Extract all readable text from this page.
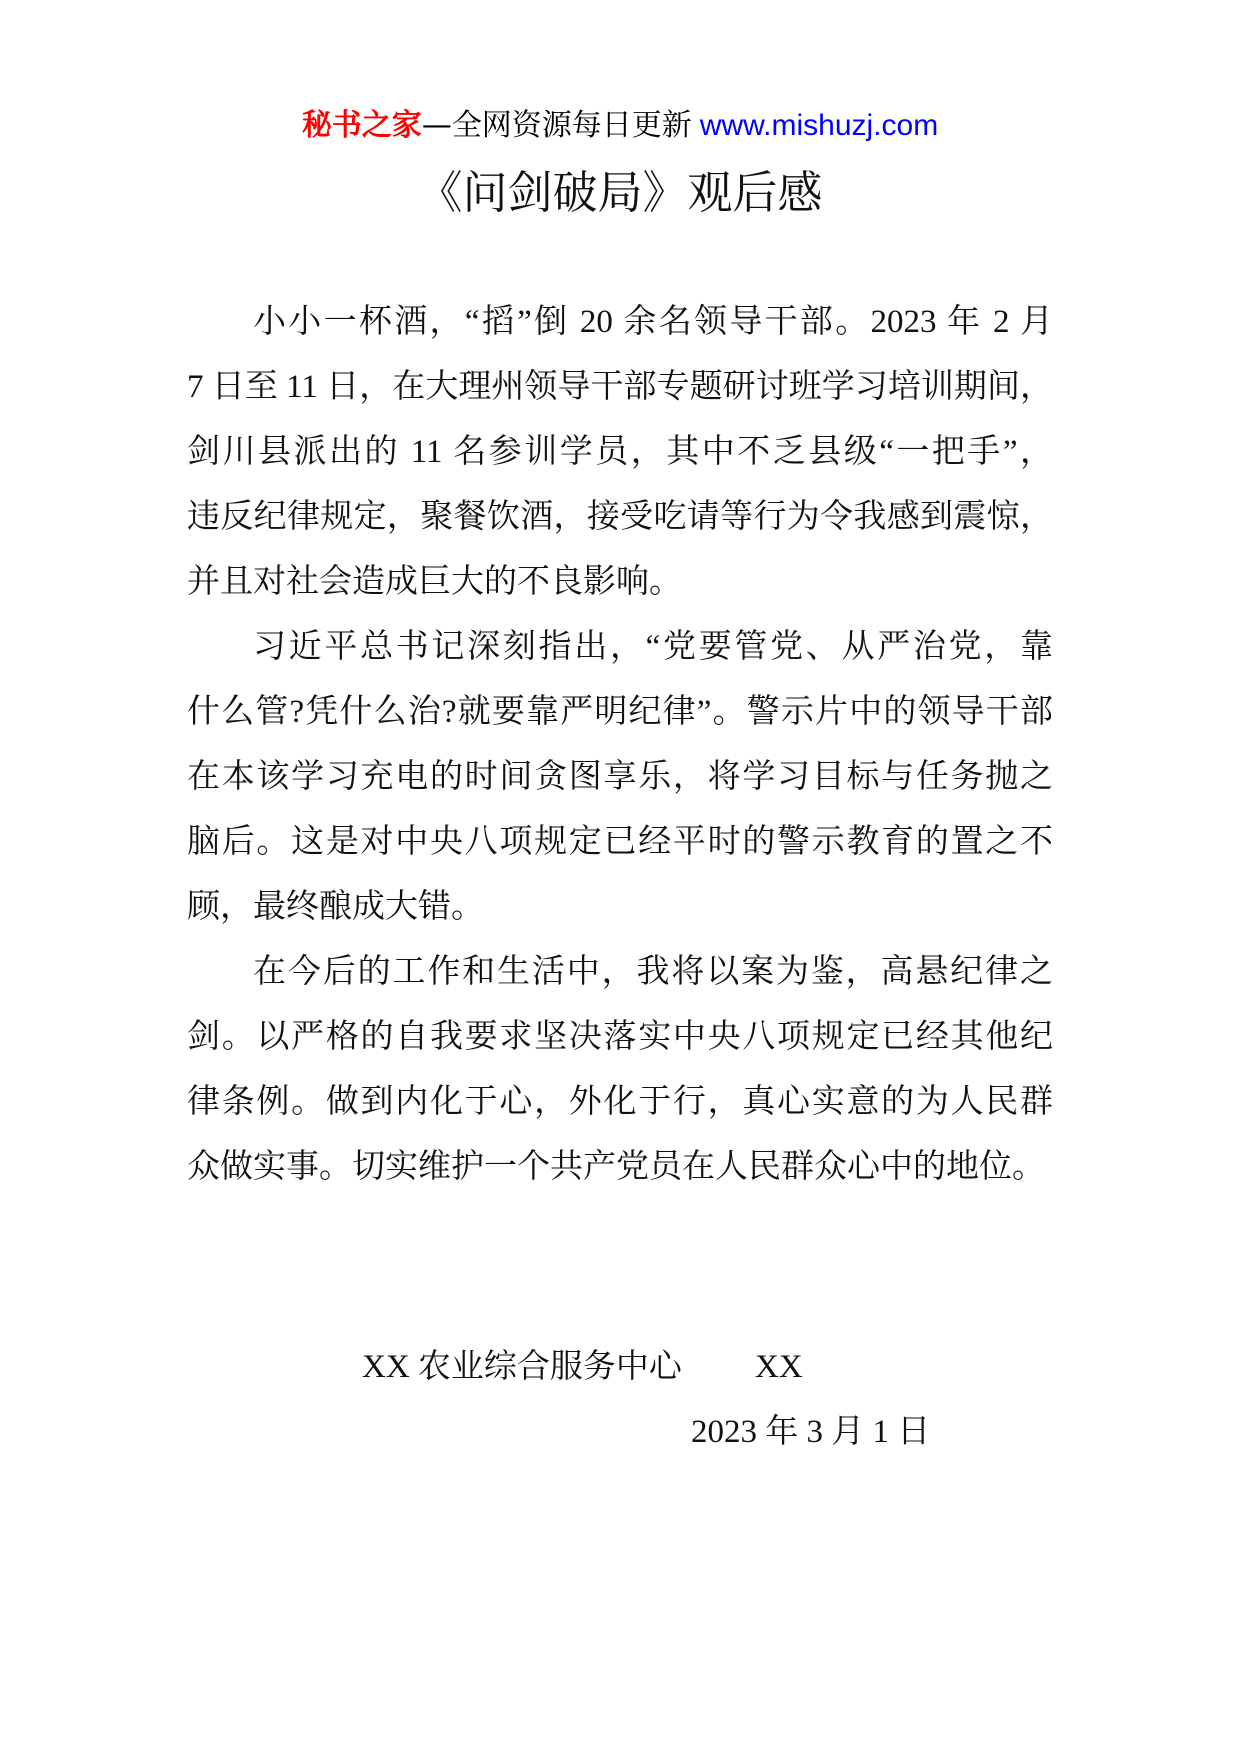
秘书之家—全网资源每日更新 www.mishuzj.com
《问剑破局》观后感
小小一杯酒，“搯”倒 20 余名领导干部。2023 年 2 月
7 日至 11 日，在大理州领导干部专题研讨班学习培训期间，
剑川县派出的 11 名参训学员，其中不乏县级“一把手”，
违反纪律规定，聚餐饮酒，接受吃请等行为令我感到震惊，
并且对社会造成巨大的不良影响。
习近平总书记深刻指出，“党要管党、从严治党，靠
什么管?凭什么治?就要靠严明纪律”。警示片中的领导干部
在本该学习充电的时间贪图享乐，将学习目标与任务抛之
脑后。这是对中央八项规定已经平时的警示教育的置之不
顾，最终酿成大错。
在今后的工作和生活中，我将以案为鉴，高悬纪律之
剑。以严格的自我要求坚决落实中央八项规定已经其他纪
律条例。做到内化于心，外化于行，真心实意的为人民群
众做实事。切实维护一个共产党员在人民群众心中的地位。
XX 农业综合服务中心 XX
2023 年 3 月 1 日
